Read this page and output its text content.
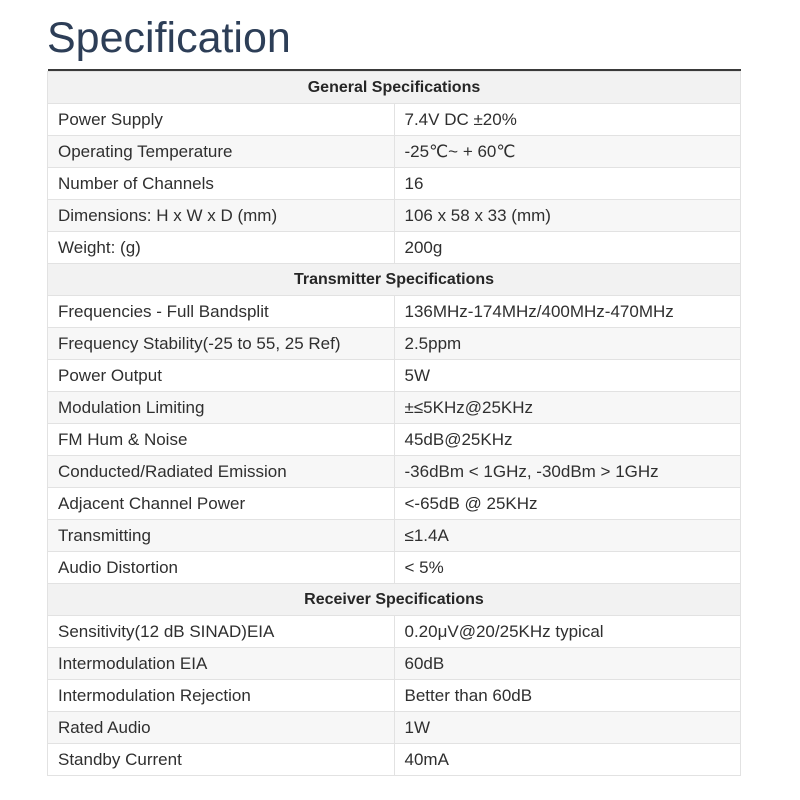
Specification

General Specifications	
Power Supply	7.4V DC ±20%
Operating Temperature	-25℃~ + 60℃
Number of Channels	16
Dimensions: H x W x D (mm)	106 x 58 x 33 (mm)
Weight: (g)	200g
Transmitter Specifications	
Frequencies - Full Bandsplit	136MHz-174MHz/400MHz-470MHz
Frequency Stability(-25 to 55, 25 Ref)	2.5ppm
Power Output	5W
Modulation Limiting	±≤5KHz@25KHz
FM Hum & Noise	45dB@25KHz
Conducted/Radiated Emission	-36dBm < 1GHz, -30dBm > 1GHz
Adjacent Channel Power	<-65dB @ 25KHz
Transmitting	≤1.4A
Audio Distortion	< 5%
Receiver Specifications	
Sensitivity(12 dB SINAD)EIA	0.20μV@20/25KHz typical
Intermodulation EIA	60dB
Intermodulation Rejection	Better than 60dB
Rated Audio	1W
Standby Current	40mA
